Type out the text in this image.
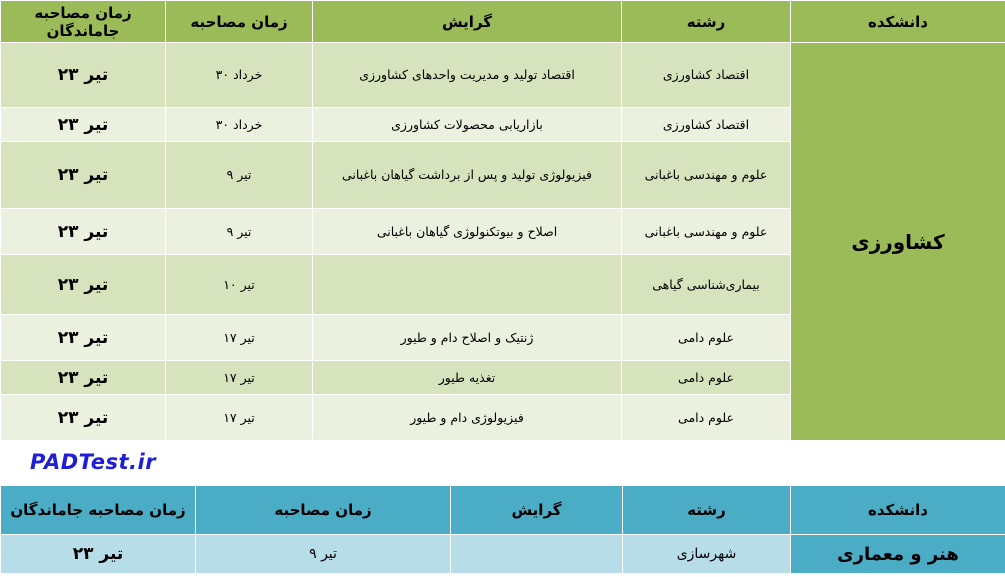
زمان مصاحبه جاماندگان	زمان مصاحبه	گرایش	رشته	دانشکده
۲۳ تیر	۳۰ خرداد	اقتصاد تولید و مدیریت واحدهای کشاورزی	اقتصاد کشاورزی	کشاورزی
۲۳ تیر	۳۰ خرداد	بازاریابی محصولات کشاورزی	اقتصاد کشاورزی	
۲۳ تیر	۹ تیر	فیزیولوژی تولید و پس از برداشت گیاهان باغبانی	علوم و مهندسی باغبانی	
۲۳ تیر	۹ تیر	اصلاح و بیوتکنولوژی گیاهان باغبانی	علوم و مهندسی باغبانی	
۲۳ تیر	۱۰ تیر		بیماری‌شناسی گیاهی	
۲۳ تیر	۱۷ تیر	ژنتیک و اصلاح دام و طیور	علوم دامی	
۲۳ تیر	۱۷ تیر	تغذیه طیور	علوم دامی	
۲۳ تیر	۱۷ تیر	فیزیولوژی دام و طیور	علوم دامی	
PADTest.ir
زمان مصاحبه جاماندگان	زمان مصاحبه	گرایش	رشته	دانشکده
۲۳ تیر	۹ تیر		شهرسازی	هنر و معماری
